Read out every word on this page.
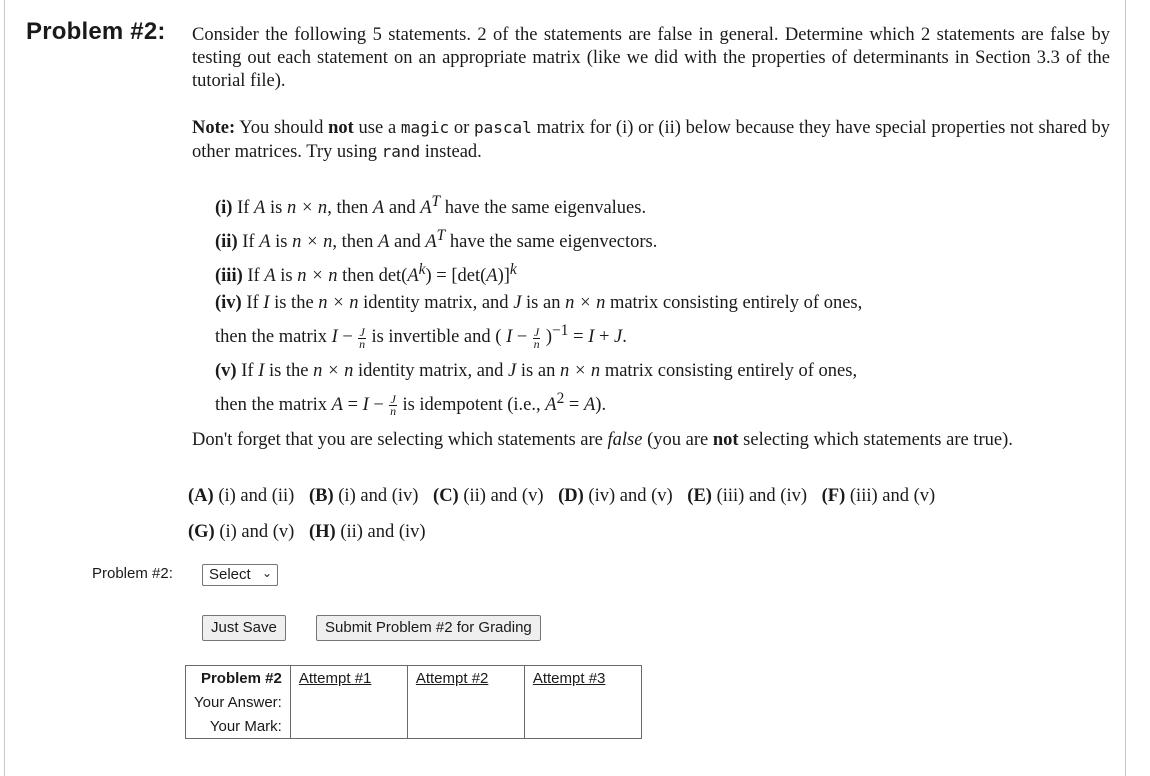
Problem #2: Consider the following 5 statements. 2 of the statements are false in general. Determine which 2 statements are false by testing out each statement on an appropriate matrix (like we did with the properties of determinants in Section 3.3 of the tutorial file).
Note: You should not use a magic or pascal matrix for (i) or (ii) below because they have special properties not shared by other matrices. Try using rand instead.
(i) If A is n × n, then A and $A^T$ have the same eigenvalues.
(ii) If A is n × n, then A and $A^T$ have the same eigenvectors.
(iii) If A is n × n then $\det(A^k) = [\det(A)]^k$
(iv) If I is the n × n identity matrix, and J is an n × n matrix consisting entirely of ones,
then the matrix $I - \frac{J}{n}$ is invertible and ( $I - \frac{J}{n} )^{-1} = I + J$.
(v) If I is the n × n identity matrix, and J is an n × n matrix consisting entirely of ones,
then the matrix $A = I - \frac{J}{n}$ is idempotent (i.e., $A^2 = A$).
Don't forget that you are selecting which statements are false (you are not selecting which statements are true).
(A) (i) and (ii) (B) (i) and (iv) (C) (ii) and (v) (D) (iv) and (v) (E) (iii) and (iv) (F) (iii) and (v)
(G) (i) and (v) (H) (ii) and (iv)
Problem #2:	Select ⌄
Just Save	Submit Problem #2 for Grading
Problem #2	Attempt #1	Attempt #2	Attempt #3
Your Answer:			
Your Mark:			
